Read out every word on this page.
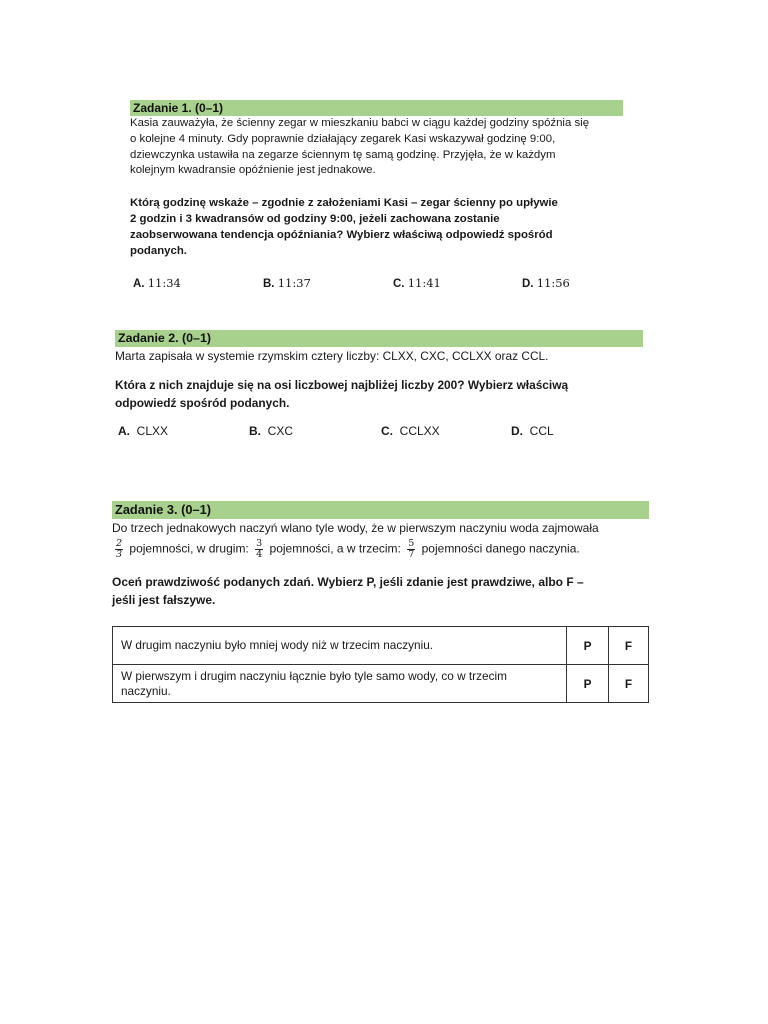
Zadanie 1. (0–1)

Kasia zauważyła, że ścienny zegar w mieszkaniu babci w ciągu każdej godziny spóźnia się

o kolejne 4 minuty. Gdy poprawnie działający zegarek Kasi wskazywał godzinę 9:00,

dziewczynka ustawiła na zegarze ściennym tę samą godzinę. Przyjęła, że w każdym

kolejnym kwadransie opóźnienie jest jednakowe.

Którą godzinę wskaże – zgodnie z założeniami Kasi – zegar ścienny po upływie

2 godzin i 3 kwadransów od godziny 9:00, jeżeli zachowana zostanie

zaobserwowana tendencja opóźniania? Wybierz właściwą odpowiedź spośród

podanych.

A. 11:34	B. 11:37	C. 11:41	D. 11:56
Zadanie 2. (0–1)

Marta zapisała w systemie rzymskim cztery liczby: CLXX, CXC, CCLXX oraz CCL.

Która z nich znajduje się na osi liczbowej najbliżej liczby 200? Wybierz właściwą

odpowiedź spośród podanych.

A. CLXX	B. CXC	C. CCLXX	D. CCL
Zadanie 3. (0–1)

Do trzech jednakowych naczyń wlano tyle wody, że w pierwszym naczyniu woda zajmowała

$\frac{2}{3}$ pojemności, w drugim: $\frac{3}{4}$ pojemności, a w trzecim: $\frac{5}{7}$ pojemności danego naczynia.

Oceń prawdziwość podanych zdań. Wybierz P, jeśli zdanie jest prawdziwe, albo F –

jeśli jest fałszywe.

W drugim naczyniu było mniej wody niż w trzecim naczyniu.	P	F
W pierwszym i drugim naczyniu łącznie było tyle samo wody, co w trzecim naczyniu.	P	F
